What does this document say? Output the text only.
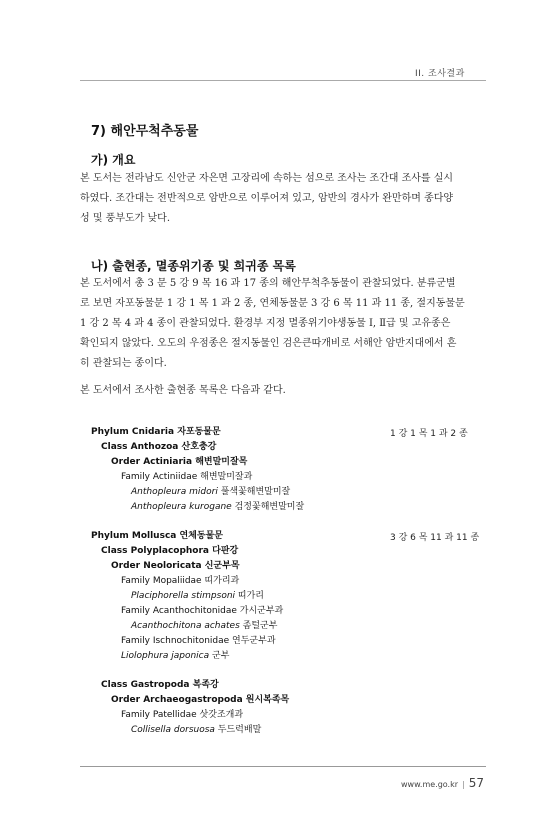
II. 조사결과
7) 해안무척추동물
가) 개요
본 도서는 전라남도 신안군 자은면 고장리에 속하는 섬으로 조사는 조간대 조사를 실시
하였다. 조간대는 전반적으로 암반으로 이루어져 있고, 암반의 경사가 완만하며 종다양
성 및 풍부도가 낮다.
나) 출현종, 멸종위기종 및 희귀종 목록
본 도서에서 총 3 문 5 강 9 목 16 과 17 종의 해안무척추동물이 관찰되었다. 분류군별
로 보면 자포동물문 1 강 1 목 1 과 2 종, 연체동물문 3 강 6 목 11 과 11 종, 절지동물문
1 강 2 목 4 과 4 종이 관찰되었다. 환경부 지정 멸종위기야생동물 Ⅰ, Ⅱ급 및 고유종은
확인되지 않았다. 오도의 우점종은 절지동물인 검은큰따개비로 서해안 암반지대에서 흔
히 관찰되는 종이다.
본 도서에서 조사한 출현종 목록은 다음과 같다.
Phylum Cnidaria 자포동물문	1 강 1 목 1 과 2 종
Class Anthozoa 산호충강
Order Actiniaria 해변말미잘목
Family Actiniidae 해변말미잘과
Anthopleura midori 풀색꽃해변말미잘
Anthopleura kurogane 검정꽃해변말미잘
Phylum Mollusca 연체동물문	3 강 6 목 11 과 11 종
Class Polyplacophora 다판강
Order Neoloricata 신군부목
Family Mopaliidae 띠가리과
Placiphorella stimpsoni 띠가리
Family Acanthochitonidae 가시군부과
Acanthochitona achates 좀털군부
Family Ischnochitonidae 연두군부과
Liolophura japonica 군부
Class Gastropoda 복족강
Order Archaeogastropoda 원시복족목
Family Patellidae 삿갓조개과
Collisella dorsuosa 두드럭배말
www.me.go.kr | 57
